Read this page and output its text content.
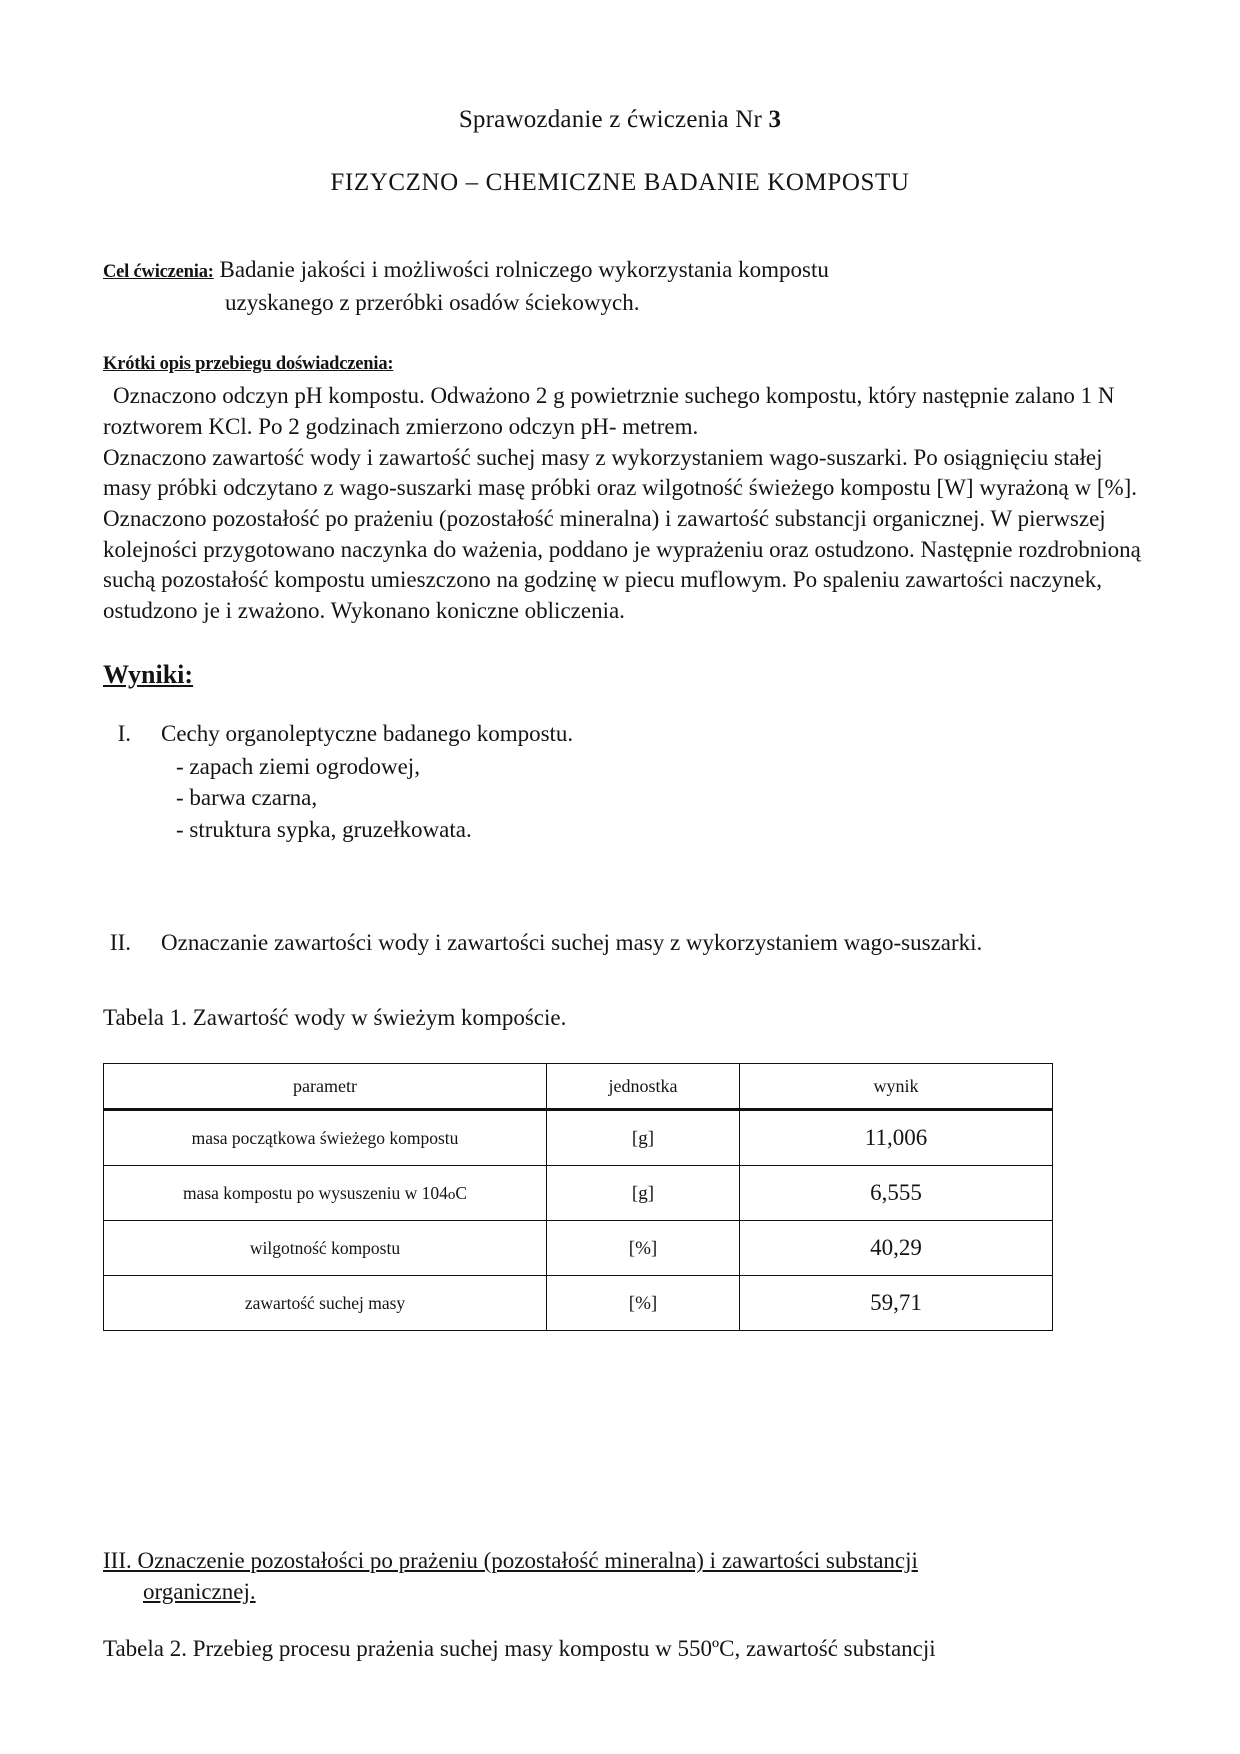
Sprawozdanie z ćwiczenia Nr 3
FIZYCZNO – CHEMICZNE BADANIE KOMPOSTU
Cel ćwiczenia: Badanie jakości i możliwości rolniczego wykorzystania kompostu
uzyskanego z przeróbki osadów ściekowych.
Krótki opis przebiegu doświadczenia:

Oznaczono odczyn pH kompostu. Odważono 2 g powietrznie suchego kompostu, który następnie zalano 1 N roztworem KCl. Po 2 godzinach zmierzono odczyn pH- metrem.

Oznaczono zawartość wody i zawartość suchej masy z wykorzystaniem wago-suszarki. Po osiągnięciu stałej masy próbki odczytano z wago-suszarki masę próbki oraz wilgotność świeżego kompostu [W] wyrażoną w [%].

Oznaczono pozostałość po prażeniu (pozostałość mineralna) i zawartość substancji organicznej. W pierwszej kolejności przygotowano naczynka do ważenia, poddano je wyprażeniu oraz ostudzono. Następnie rozdrobnioną suchą pozostałość kompostu umieszczono na godzinę w piecu muflowym. Po spaleniu zawartości naczynek, ostudzono je i zważono. Wykonano koniczne obliczenia.

Wyniki:
I.	Cechy organoleptyczne badanego kompostu.
- zapach ziemi ogrodowej,
- barwa czarna,
- struktura sypka, gruzełkowata.
II.	Oznaczanie zawartości wody i zawartości suchej masy z wykorzystaniem wago-suszarki.
Tabela 1. Zawartość wody w świeżym kompoście.
parametr	jednostka	wynik
masa początkowa świeżego kompostu	[g]	11,006
masa kompostu po wysuszeniu w 104oC	[g]	6,555
wilgotność kompostu	[%]	40,29
zawartość suchej masy	[%]	59,71
III. Oznaczenie pozostałości po prażeniu (pozostałość mineralna) i zawartości substancji
organicznej.
Tabela 2. Przebieg procesu prażenia suchej masy kompostu w 550ºC, zawartość substancji
